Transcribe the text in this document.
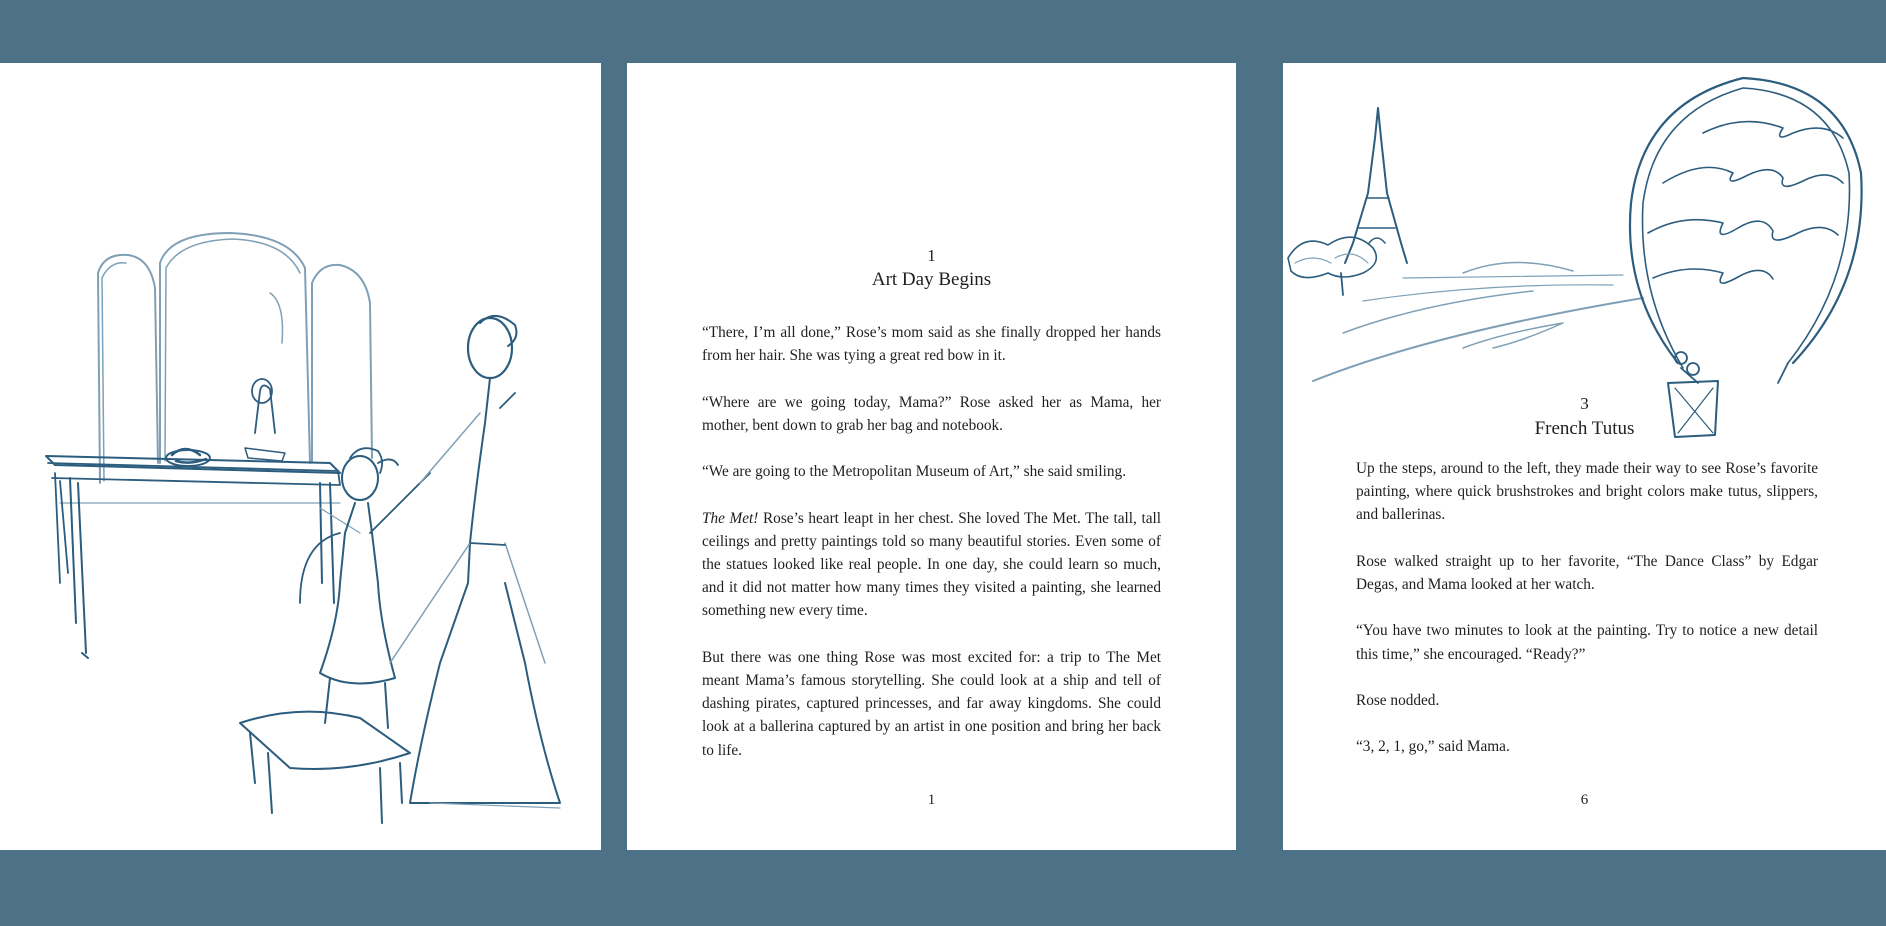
1
Art Day Begins

“There, I’m all done,” Rose’s mom said as she finally dropped her hands from her hair. She was tying a great red bow in it.

“Where are we going today, Mama?” Rose asked her as Mama, her mother, bent down to grab her bag and notebook.

“We are going to the Metropolitan Museum of Art,” she said smiling.

The Met! Rose’s heart leapt in her chest. She loved The Met. The tall, tall ceilings and pretty paintings told so many beautiful stories. Even some of the statues looked like real people. In one day, she could learn so much, and it did not matter how many times they visited a painting, she learned something new every time.

But there was one thing Rose was most excited for: a trip to The Met meant Mama’s famous storytelling. She could look at a ship and tell of dashing pirates, captured princesses, and far away kingdoms. She could look at a ballerina captured by an artist in one position and bring her back to life.

1
3
French Tutus

Up the steps, around to the left, they made their way to see Rose’s favorite painting, where quick brushstrokes and bright colors make tutus, slippers, and ballerinas.

Rose walked straight up to her favorite, “The Dance Class” by Edgar Degas, and Mama looked at her watch.

“You have two minutes to look at the painting. Try to notice a new detail this time,” she encouraged. “Ready?”

Rose nodded.

“3, 2, 1, go,” said Mama.

6
